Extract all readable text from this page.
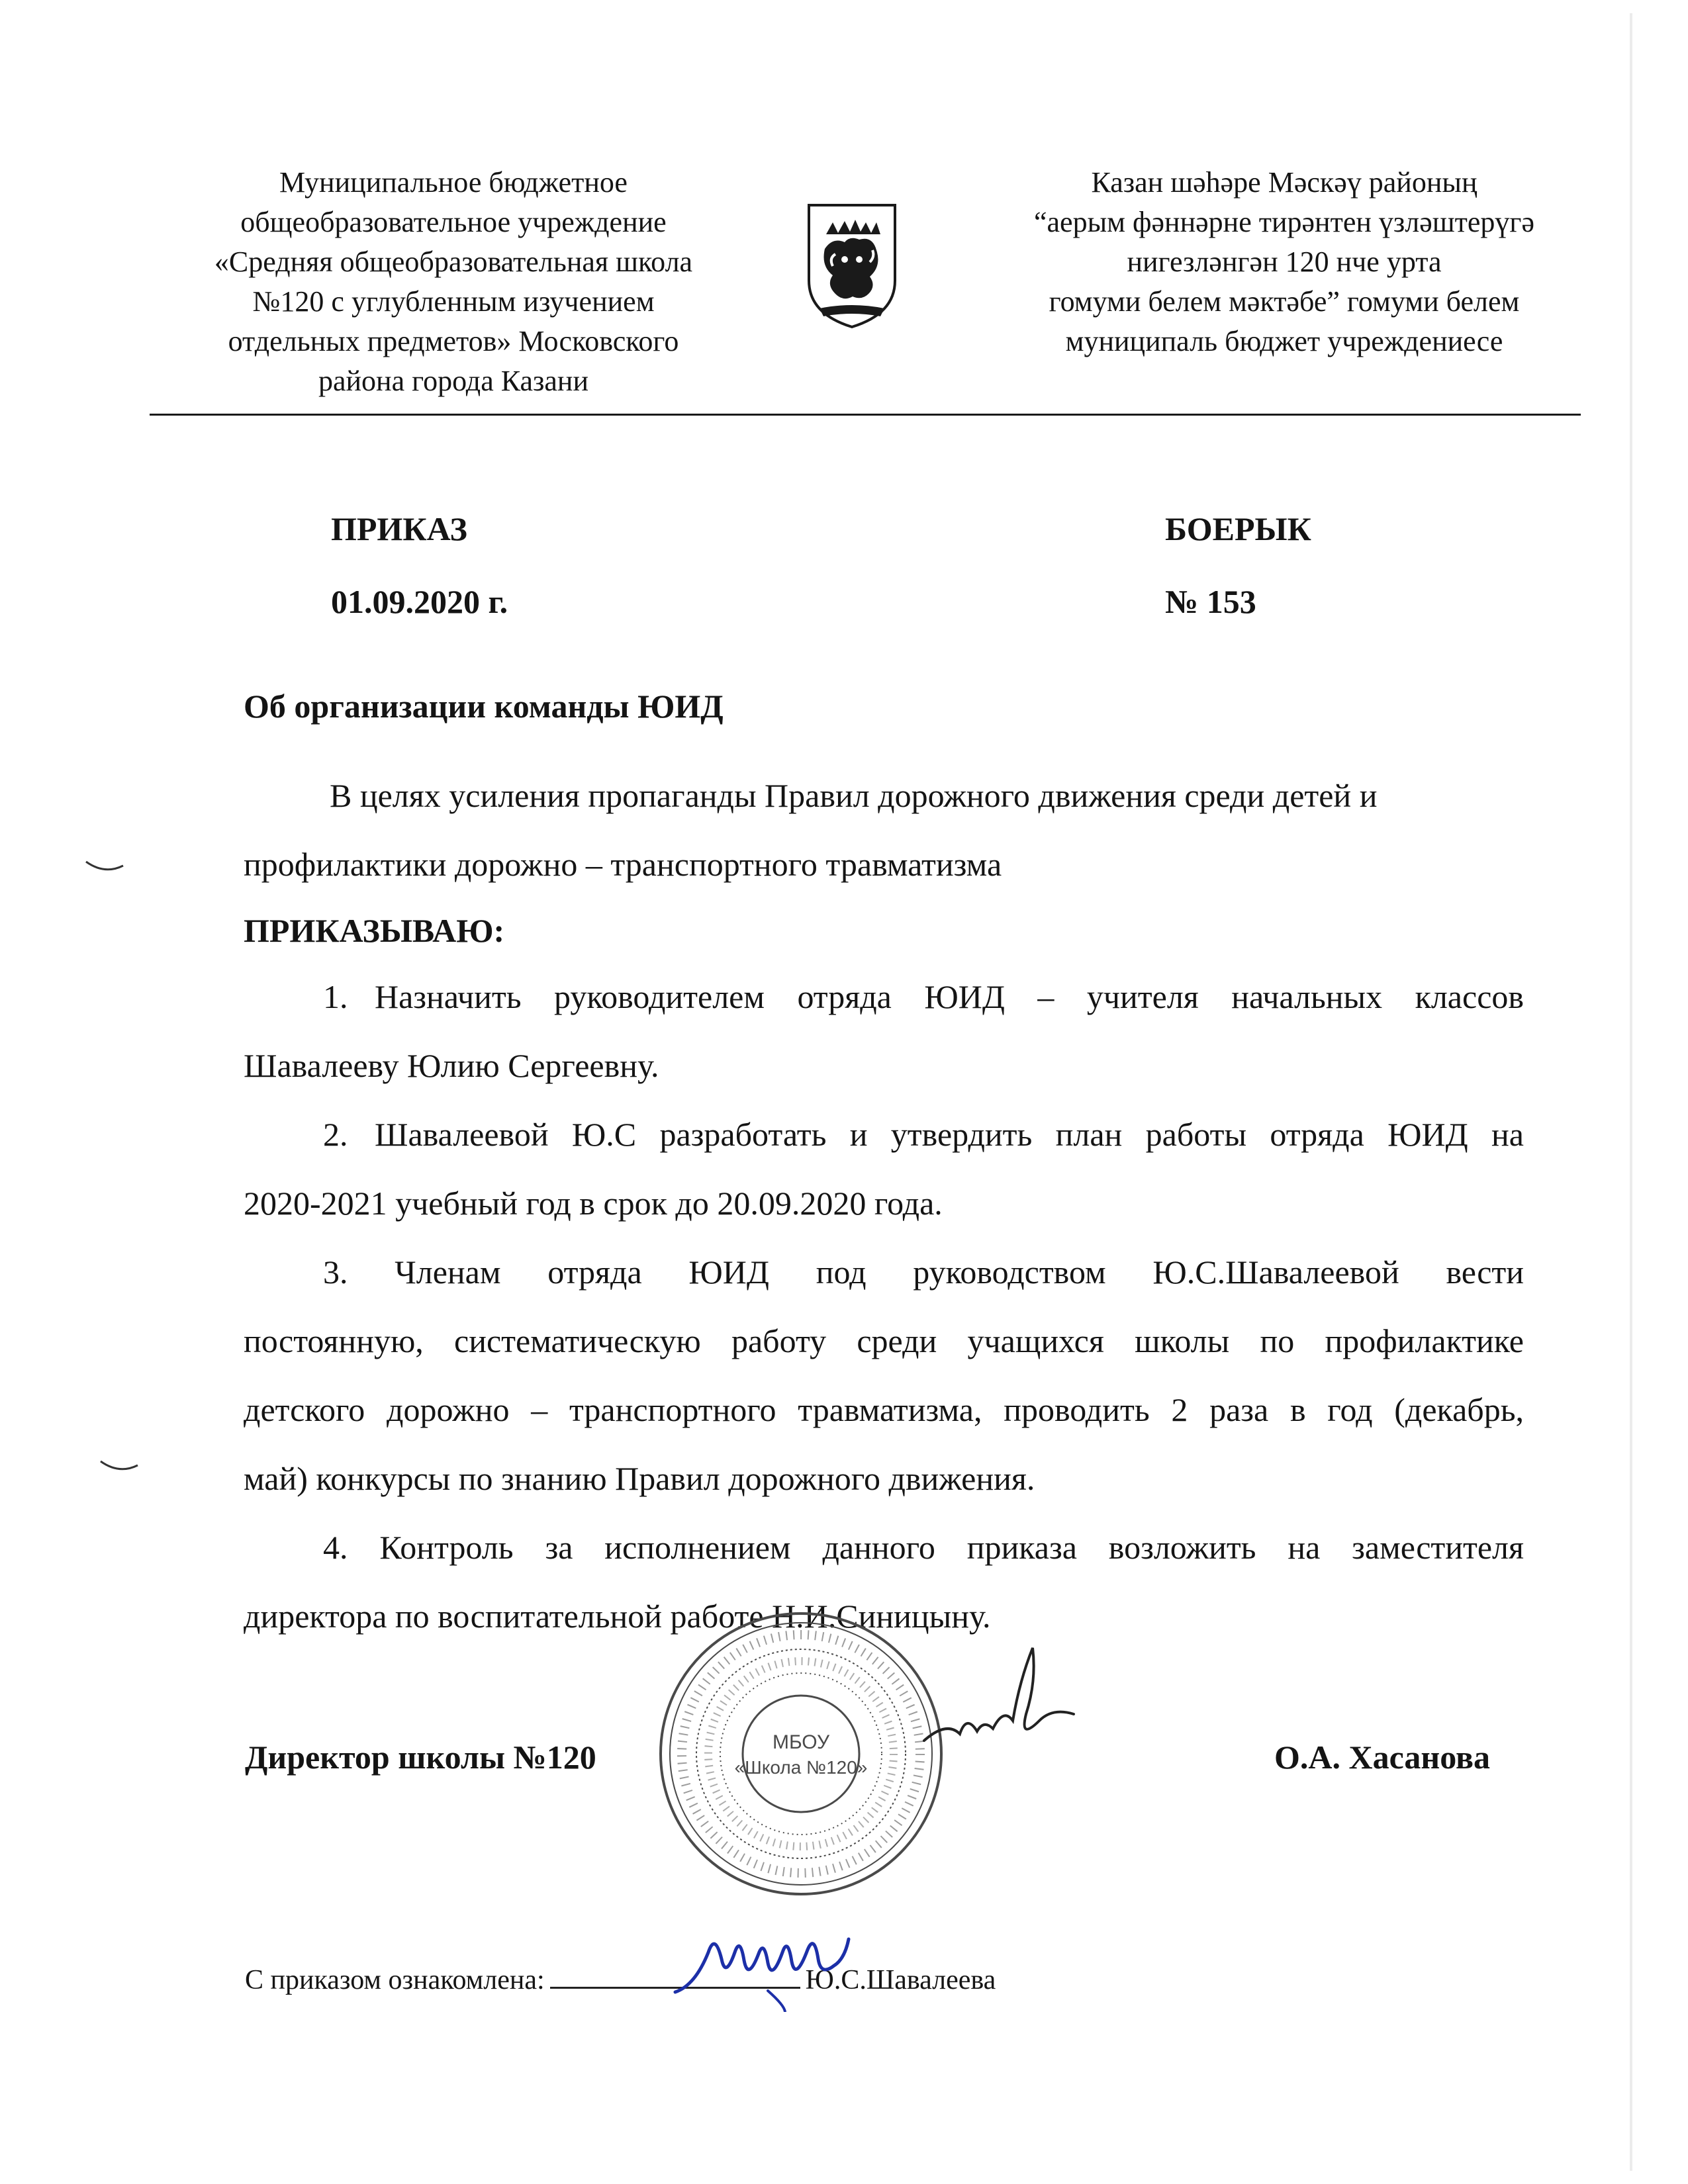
Муниципальное бюджетное
общеобразовательное учреждение
«Средняя общеобразовательная школа
№120 с углубленным изучением
отдельных предметов» Московского
района города Казани
Казан шәһәре Мәскәү районың
“аерым фәннәрне тирәнтен үзләштерүгә
нигезләнгән 120 нче урта
гомуми белем мәктәбе” гомуми белем
муниципаль бюджет учреждениесе
ПРИКАЗ	БОЕРЫК
01.09.2020 г.	№ 153
Об организации команды ЮИД
В целях усиления пропаганды Правил дорожного движения среди детей и
профилактики дорожно – транспортного травматизма
ПРИКАЗЫВАЮ:
1. Назначить руководителем отряда ЮИД – учителя начальных классов
Шавалееву Юлию Сергеевну.
2. Шавалеевой Ю.С разработать и утвердить план работы отряда ЮИД на
2020-2021 учебный год в срок до 20.09.2020 года.
3. Членам отряда ЮИД под руководством Ю.С.Шавалеевой вести
постоянную, систематическую работу среди учащихся школы по профилактике
детского дорожно – транспортного травматизма, проводить 2 раза в год (декабрь,
май) конкурсы по знанию Правил дорожного движения.
4. Контроль за исполнением данного приказа возложить на заместителя
директора по воспитательной работе Н.И.Синицыну.
Директор школы №120	О.А. Хасанова
МБОУ
«Школа №120»
С приказом ознакомлена:	Ю.С.Шавалеева
